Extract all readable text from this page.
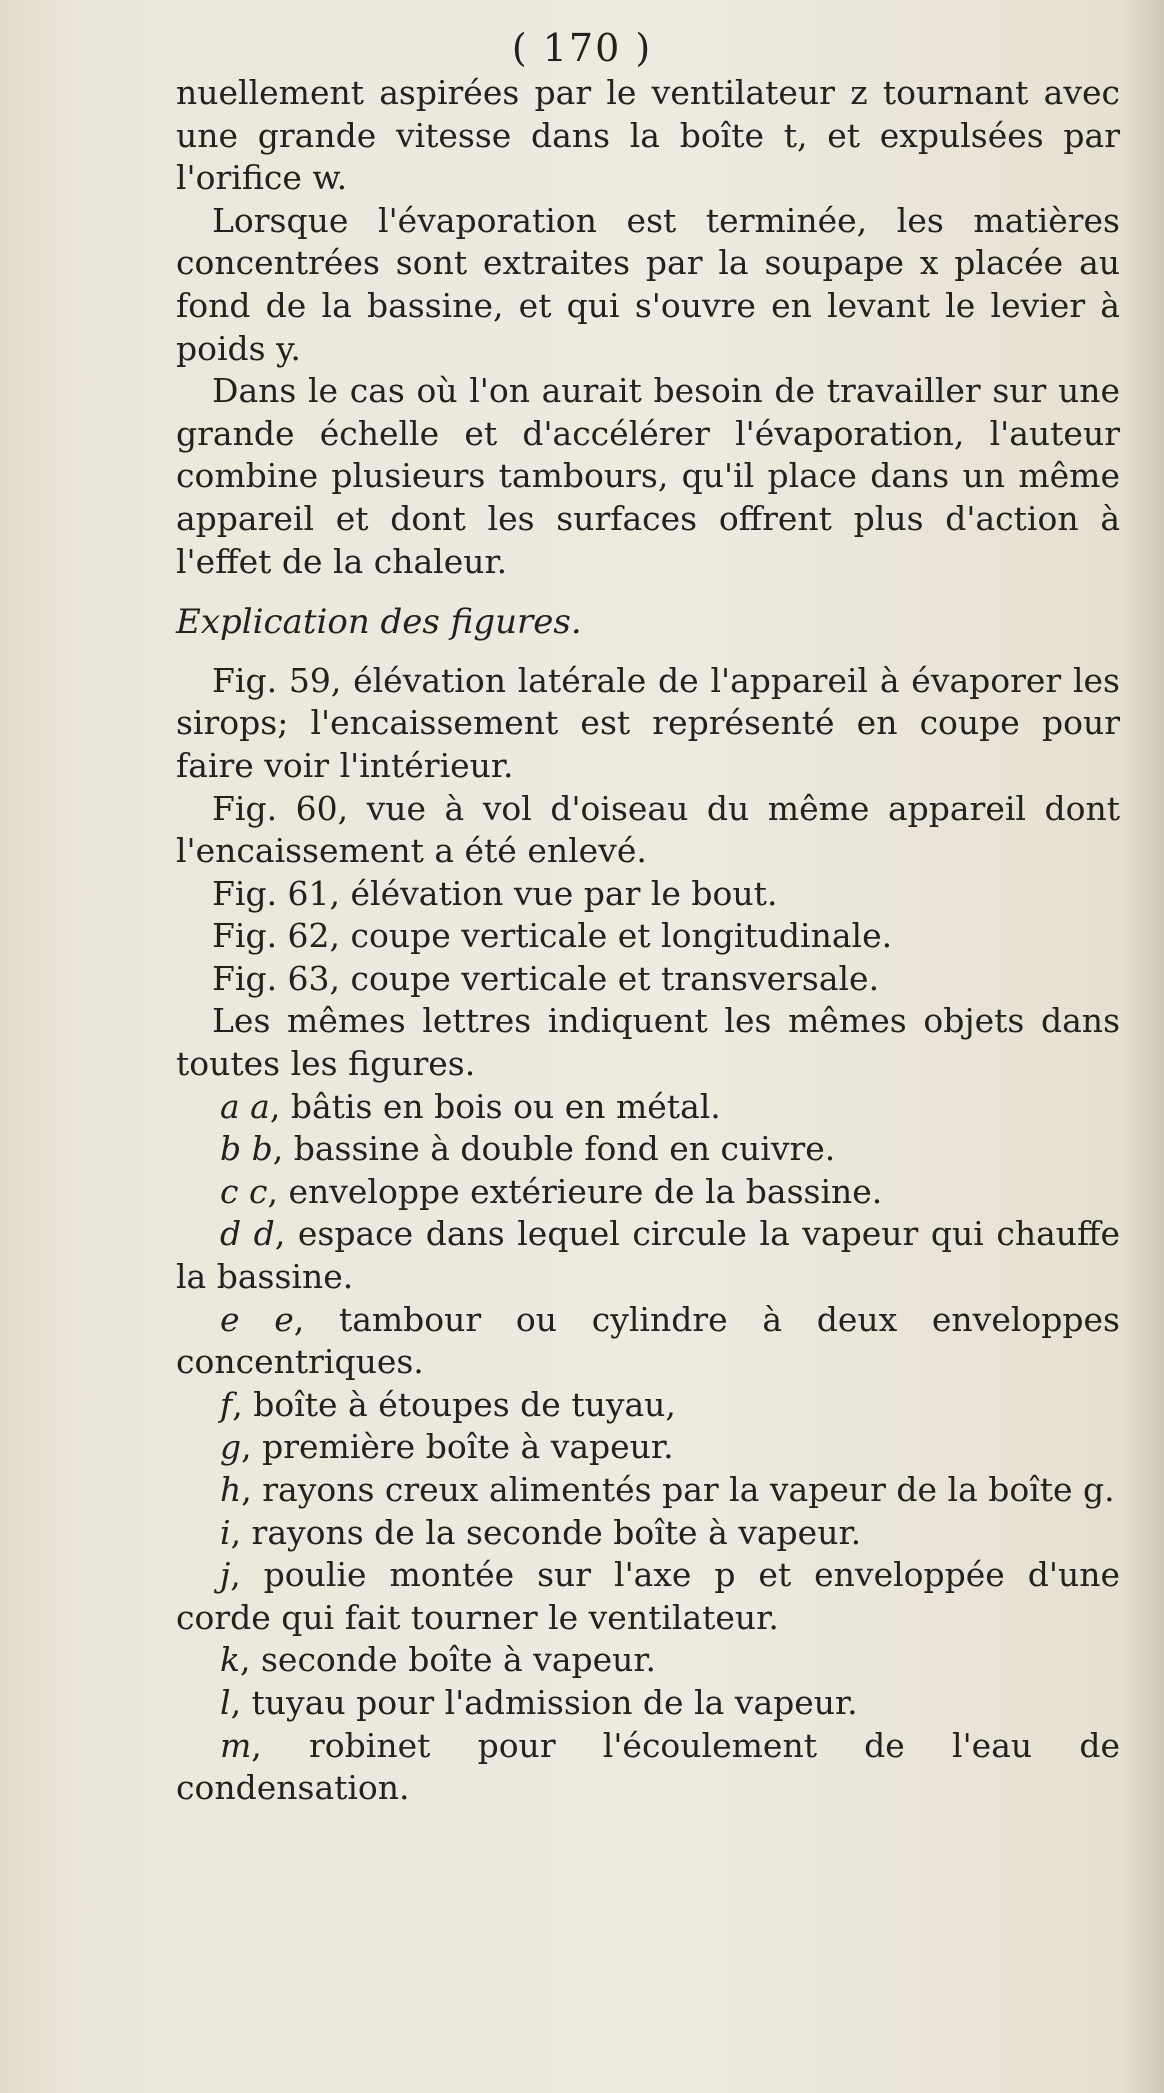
( 170 )

nuellement aspirées par le ventilateur z tournant avec une grande vitesse dans la boîte t, et expulsées par l'orifice w.

Lorsque l'évaporation est terminée, les matières concentrées sont extraites par la soupape x placée au fond de la bassine, et qui s'ouvre en levant le levier à poids y.

Dans le cas où l'on aurait besoin de travailler sur une grande échelle et d'accélérer l'évaporation, l'auteur combine plusieurs tambours, qu'il place dans un même appareil et dont les surfaces offrent plus d'action à l'effet de la chaleur.

Explication des figures.

Fig. 59, élévation latérale de l'appareil à évaporer les sirops; l'encaissement est représenté en coupe pour faire voir l'intérieur.

Fig. 60, vue à vol d'oiseau du même appareil dont l'encaissement a été enlevé.

Fig. 61, élévation vue par le bout.

Fig. 62, coupe verticale et longitudinale.

Fig. 63, coupe verticale et transversale.

Les mêmes lettres indiquent les mêmes objets dans toutes les figures.

a a, bâtis en bois ou en métal.

b b, bassine à double fond en cuivre.

c c, enveloppe extérieure de la bassine.

d d, espace dans lequel circule la vapeur qui chauffe la bassine.

e e, tambour ou cylindre à deux enveloppes concentriques.

f, boîte à étoupes de tuyau,

g, première boîte à vapeur.

h, rayons creux alimentés par la vapeur de la boîte g.

i, rayons de la seconde boîte à vapeur.

j, poulie montée sur l'axe p et enveloppée d'une corde qui fait tourner le ventilateur.

k, seconde boîte à vapeur.

l, tuyau pour l'admission de la vapeur.

m, robinet pour l'écoulement de l'eau de condensation.
